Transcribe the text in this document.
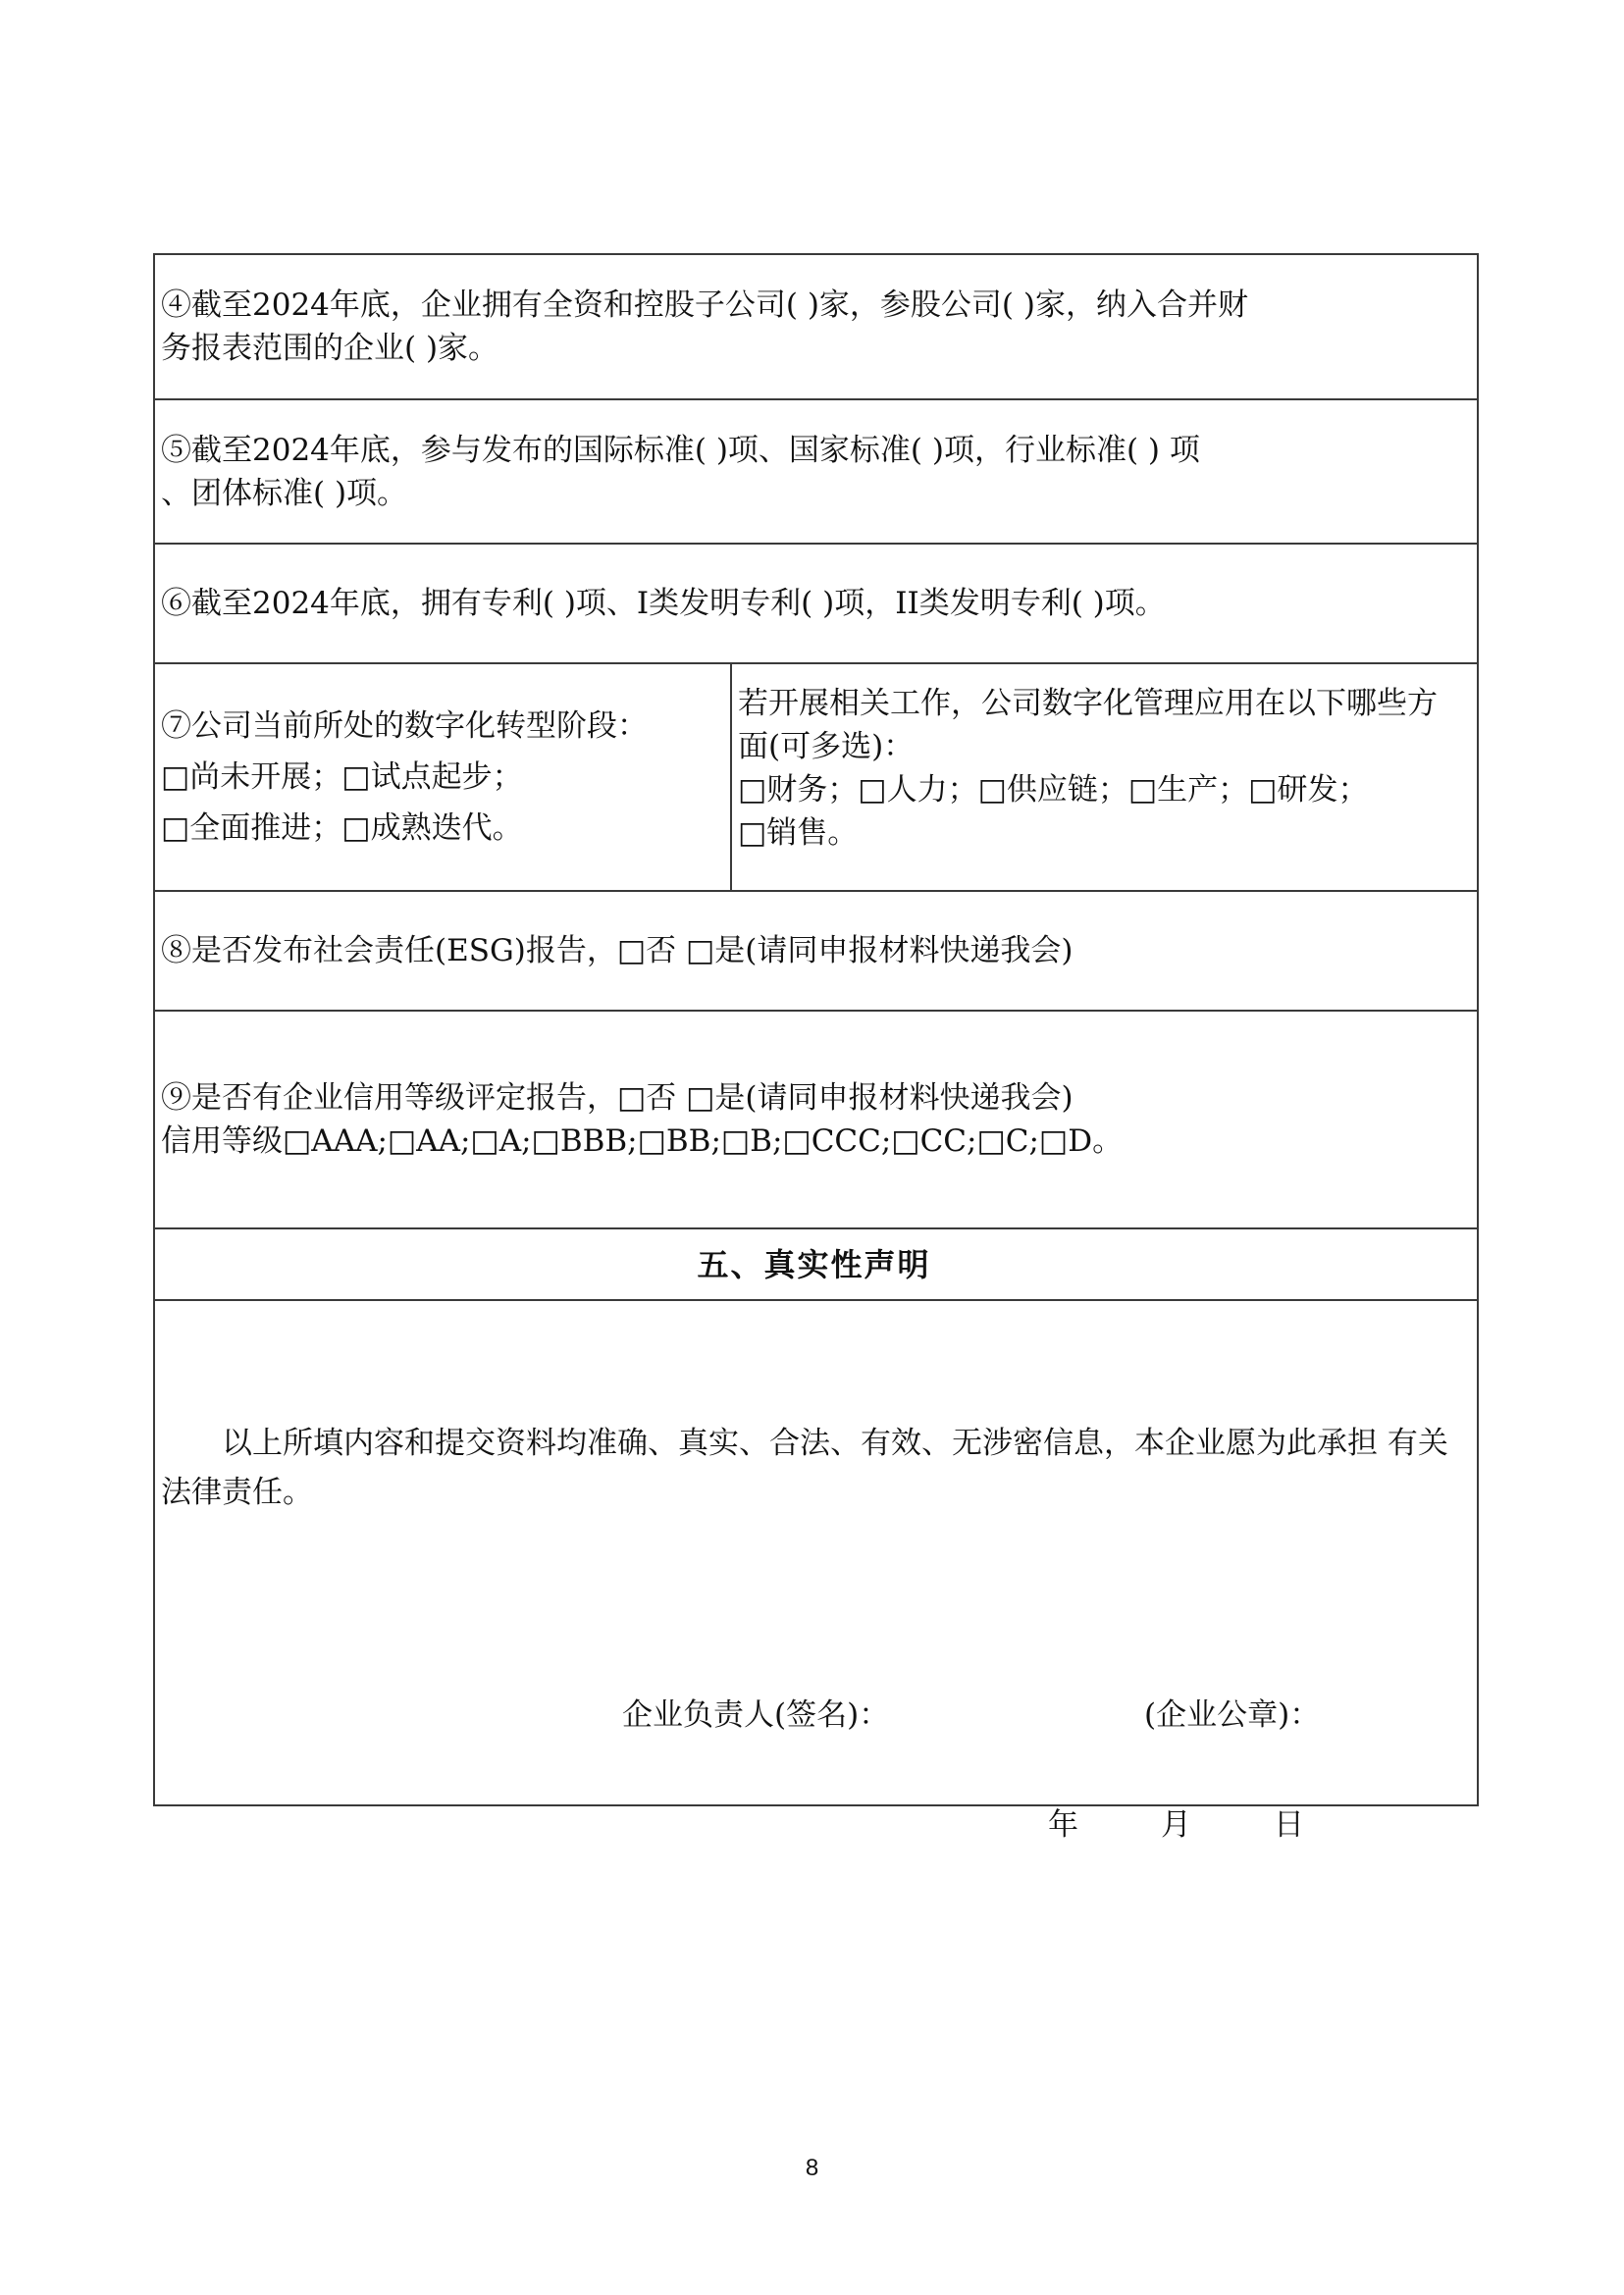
④截至2024年底，企业拥有全资和控股子公司( )家，参股公司( )家，纳入合并财
务报表范围的企业( )家。

⑤截至2024年底，参与发布的国际标准( )项、国家标准( )项，行业标准( ) 项
、团体标准( )项。

⑥截至2024年底，拥有专利( )项、I类发明专利( )项，II类发明专利( )项。

⑦公司当前所处的数字化转型阶段：
□尚未开展；□试点起步；
□全面推进；□成熟迭代。

若开展相关工作，公司数字化管理应用在以下哪些方
面(可多选)：
□财务；□人力；□供应链；□生产；□研发；
□销售。

⑧是否发布社会责任(ESG)报告，□否 □是(请同申报材料快递我会)

⑨是否有企业信用等级评定报告，□否 □是(请同申报材料快递我会)
信用等级□AAA;□AA;□A;□BBB;□BB;□B;□CCC;□CC;□C;□D。

五、真实性声明

以上所填内容和提交资料均准确、真实、合法、有效、无涉密信息，本企业愿为此承担 有关法律责任。
企业负责人(签名)：	(企业公章)：
年	月	日
8
